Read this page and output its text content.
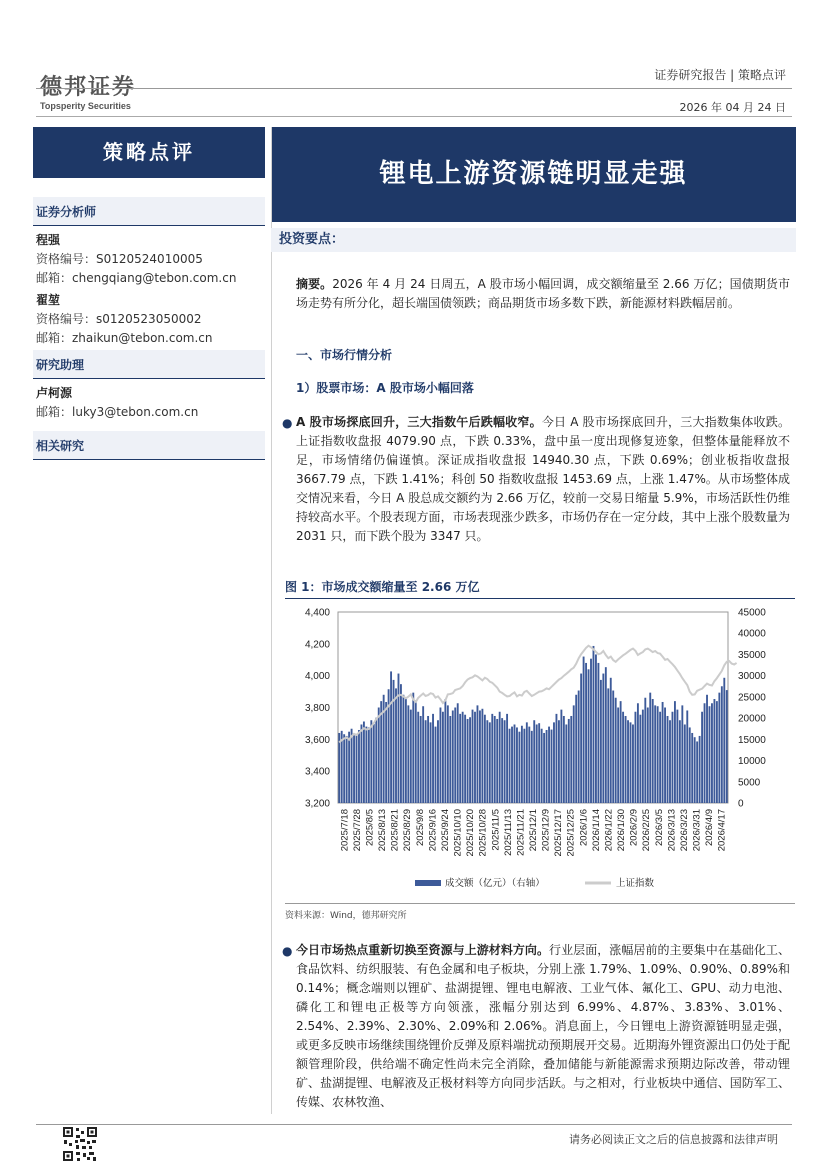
德邦证券
Topsperity Securities
证券研究报告 | 策略点评
2026 年 04 月 24 日
策略点评
锂电上游资源链明显走强
证券分析师
程强
资格编号：S0120524010005
邮箱：chengqiang@tebon.com.cn
翟堃
资格编号：s0120523050002
邮箱：zhaikun@tebon.com.cn
研究助理
卢柯源
邮箱：luky3@tebon.com.cn
相关研究
投资要点：
摘要。2026 年 4 月 24 日周五，A 股市场小幅回调，成交额缩量至 2.66 万亿；国债期货市场走势有所分化，超长端国债领跌；商品期货市场多数下跌，新能源材料跌幅居前。
一、市场行情分析
1）股票市场：A 股市场小幅回落
● A 股市场探底回升，三大指数午后跌幅收窄。今日 A 股市场探底回升，三大指数集体收跌。上证指数收盘报 4079.90 点，下跌 0.33%，盘中虽一度出现修复迹象，但整体量能释放不足，市场情绪仍偏谨慎。深证成指收盘报 14940.30 点，下跌 0.69%；创业板指收盘报 3667.79 点，下跌 1.41%；科创 50 指数收盘报 1453.69 点，上涨 1.47%。从市场整体成交情况来看，今日 A 股总成交额约为 2.66 万亿，较前一交易日缩量 5.9%，市场活跃性仍维持较高水平。个股表现方面，市场表现涨少跌多，市场仍存在一定分歧，其中上涨个股数量为 2031 只，而下跌个股为 3347 只。
图 1：市场成交额缩量至 2.66 万亿
3,200
3,400
3,600
3,800
4,000
4,200
4,400
0
5000
10000
15000
20000
25000
30000
35000
40000
45000
2025/7/18 2025/7/28 2025/8/5 2025/8/13 2025/8/21 2025/8/29 2025/9/8 2025/9/16 2025/9/24 2025/10/10 2025/10/20 2025/10/28 2025/11/5 2025/11/13 2025/11/21 2025/12/1 2025/12/9 2025/12/17 2025/12/25 2026/1/6 2026/1/14 2026/1/22 2026/1/30 2026/2/9 2026/2/25 2026/3/5 2026/3/13 2026/3/23 2026/3/31 2026/4/9 2026/4/17
成交额（亿元）（右轴）	上证指数
资料来源：Wind，德邦研究所
● 今日市场热点重新切换至资源与上游材料方向。行业层面，涨幅居前的主要集中在基础化工、食品饮料、纺织服装、有色金属和电子板块，分别上涨 1.79%、1.09%、0.90%、0.89%和 0.14%；概念端则以锂矿、盐湖提锂、锂电电解液、工业气体、氟化工、GPU、动力电池、磷化工和锂电正极等方向领涨，涨幅分别达到 6.99%、4.87%、3.83%、3.01%、2.54%、2.39%、2.30%、2.09%和 2.06%。消息面上，今日锂电上游资源链明显走强，或更多反映市场继续围绕锂价反弹及原料端扰动预期展开交易。近期海外锂资源出口仍处于配额管理阶段，供给端不确定性尚未完全消除，叠加储能与新能源需求预期边际改善，带动锂矿、盐湖提锂、电解液及正极材料等方向同步活跃。与之相对，行业板块中通信、国防军工、传媒、农林牧渔、
请务必阅读正文之后的信息披露和法律声明
